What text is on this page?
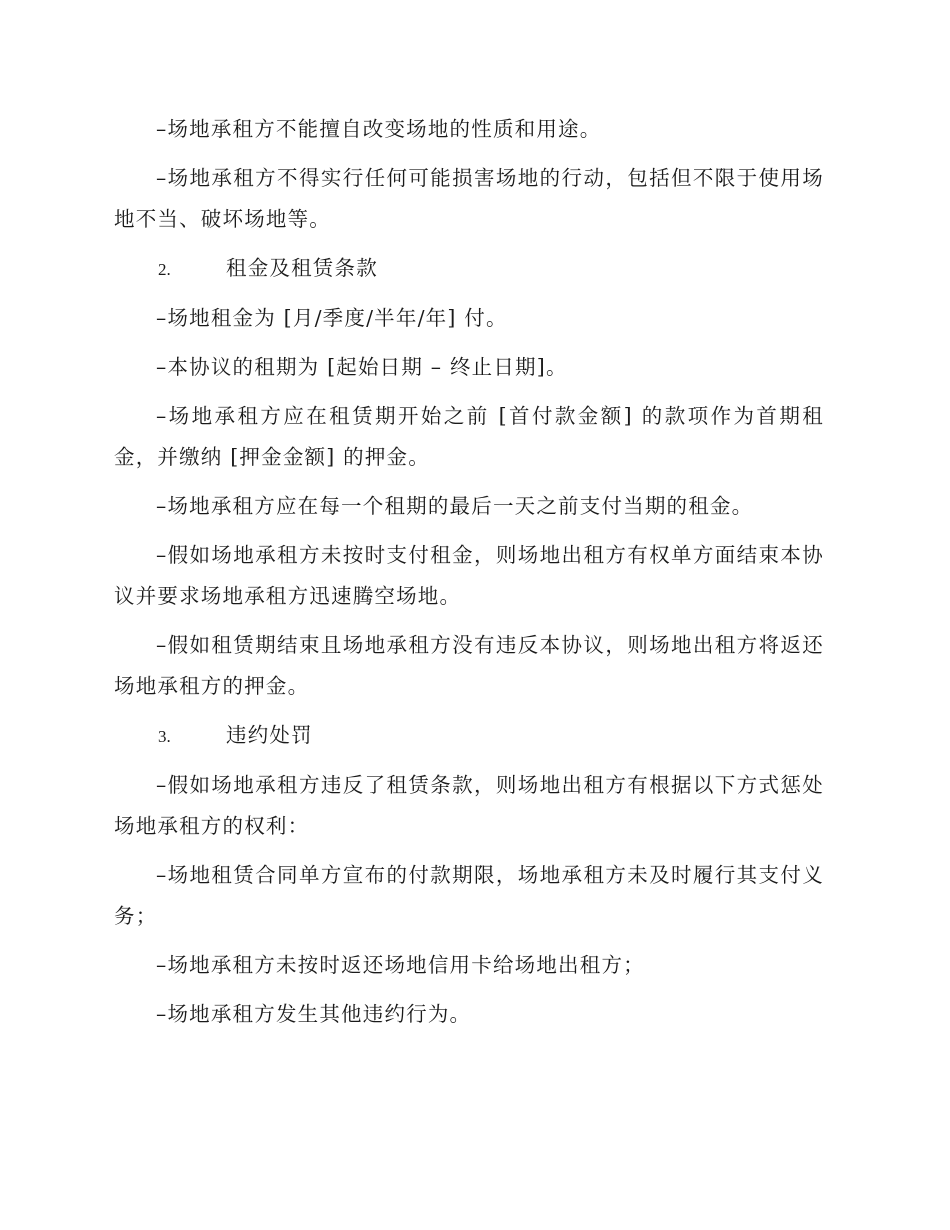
–场地承租方不能擅自改变场地的性质和用途。

–场地承租方不得实行任何可能损害场地的行动，包括但不限于使用场地不当、破坏场地等。

2.	租金及租赁条款

–场地租金为 [月/季度/半年/年] 付。

–本协议的租期为 [起始日期 – 终止日期]。

–场地承租方应在租赁期开始之前 [首付款金额] 的款项作为首期租金，并缴纳 [押金金额] 的押金。

–场地承租方应在每一个租期的最后一天之前支付当期的租金。

–假如场地承租方未按时支付租金，则场地出租方有权单方面结束本协议并要求场地承租方迅速腾空场地。

–假如租赁期结束且场地承租方没有违反本协议，则场地出租方将返还场地承租方的押金。

3.	违约处罚

–假如场地承租方违反了租赁条款，则场地出租方有根据以下方式惩处场地承租方的权利：

–场地租赁合同单方宣布的付款期限，场地承租方未及时履行其支付义务；

–场地承租方未按时返还场地信用卡给场地出租方；

–场地承租方发生其他违约行为。
